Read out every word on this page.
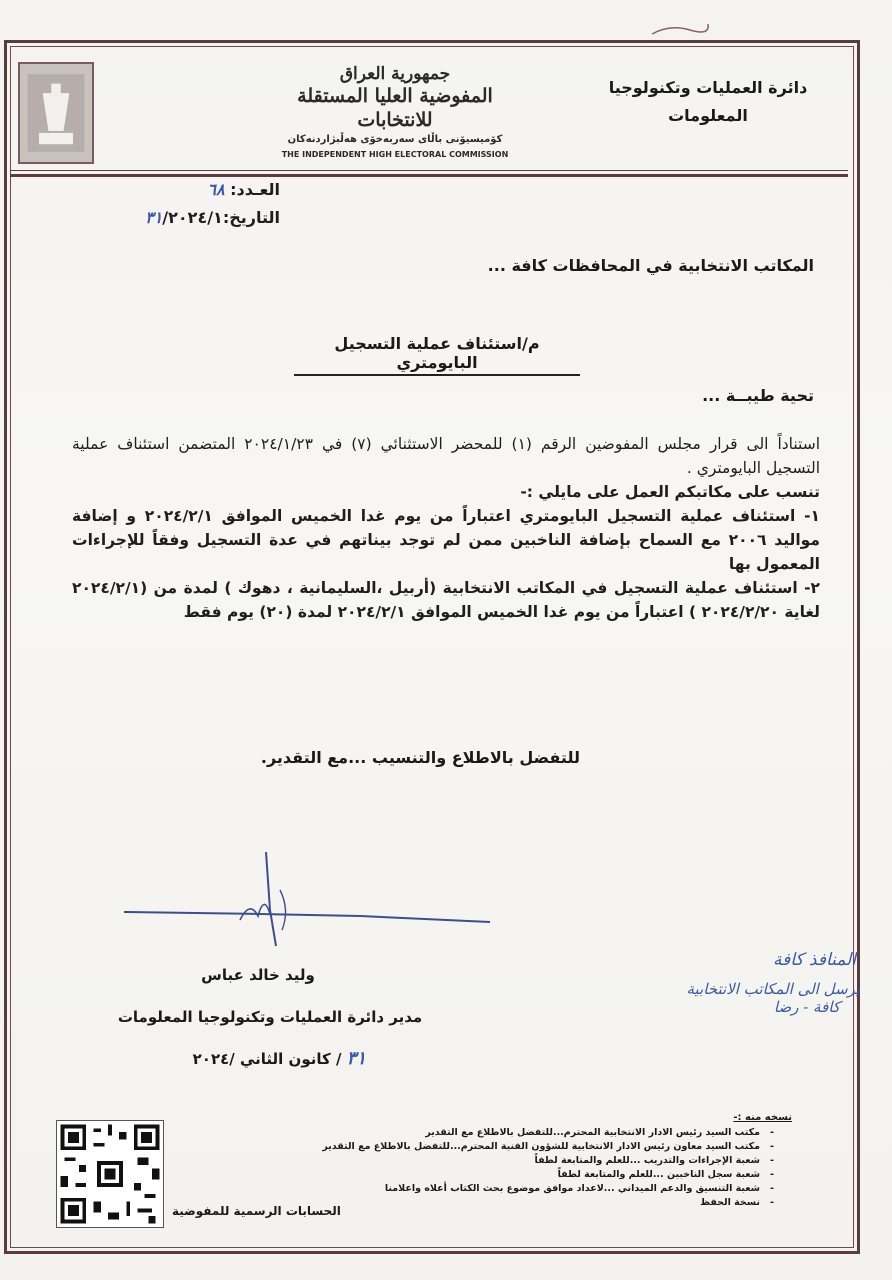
جمهورية العراق
المفوضية العليا المستقلة للانتخابات
كۆمیسیۆنی باڵای سەربەخۆی هەڵبژاردنەكان
THE INDEPENDENT HIGH ELECTORAL COMMISSION
دائرة العمليات وتكنولوجيا
المعلومات
العـدد: ٦٨
التاريخ:٣١/٢٠٢٤/١
المكاتب الانتخابية في المحافظات كافة ...
م/استئناف عملية التسجيل البايومتري
تحية طيبــة ...

استناداً الى قرار مجلس المفوضين الرقم (١) للمحضر الاستثنائي (٧) في ٢٠٢٤/١/٢٣ المتضمن استئناف عملية التسجيل البايومتري .

تنسب على مكاتبكم العمل على مايلي :-

١- استئناف عملية التسجيل البايومتري اعتباراً من يوم غدا الخميس الموافق ٢٠٢٤/٢/١ و إضافة مواليد ٢٠٠٦ مع السماح بإضافة الناخبين ممن لم توجد بيناتهم في عدة التسجيل وفقاً للإجراءات المعمول بها

٢- استئناف عملية التسجيل في المكاتب الانتخابية (أربيل ،السليمانية ، دهوك ) لمدة من (٢٠٢٤/٢/١ لغاية ٢٠٢٤/٢/٢٠ ) اعتباراً من يوم غدا الخميس الموافق ٢٠٢٤/٢/١ لمدة (٢٠) يوم فقط

للتفضل بالاطلاع والتنسيب ...مع التقدير.
المنافذ كافة
يرسل الى المكاتب الانتخابية
كافة - رضا
وليد خالد عباس
مدير دائرة العمليات وتكنولوجيا المعلومات
٣١ / كانون الثاني /٢٠٢٤
نسخه منه :-
- مكتب السيد رئيس الادار الانتخابية المحترم...للتفضل بالاطلاع مع التقدير
- مكتب السيد معاون رئيس الادار الانتخابية للشؤون الفنية المحترم...للتفضل بالاطلاع مع التقدير
- شعبة الإجراءات والتدريب ...للعلم والمتابعة لطفاً
- شعبة سجل الناخبين ...للعلم والمتابعة لطفاً
- شعبة التنسيق والدعم الميداني ...لاعداد موافق موضوع بحث الكتاب أعلاه واعلامنا
- نسخة الحفظ
الحسابات الرسمية للمفوضية
